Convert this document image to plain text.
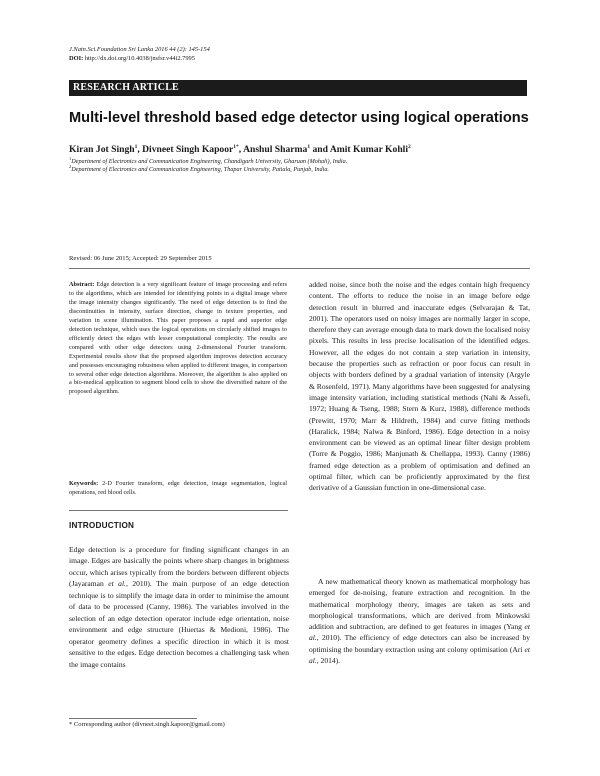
J.Natn.Sci.Foundation Sri Lanka 2016 44 (2): 145-154
DOI: http://dx.doi.org/10.4038/jnsfsr.v44i2.7995
RESEARCH ARTICLE
Multi-level threshold based edge detector using logical operations
Kiran Jot Singh$^1$, Divneet Singh Kapoor$^{1*}$, Anshul Sharma$^1$ and Amit Kumar Kohli$^2$
$^1$Department of Electronics and Communication Engineering, Chandigarh University, Gharuan (Mohali), India.
$^2$Department of Electronics and Communication Engineering, Thapar University, Patiala, Punjab, India.
Revised: 06 June 2015; Accepted: 29 September 2015
Abstract: Edge detection is a very significant feature of image processing and refers to the algorithms, which are intended for identifying points in a digital image where the image intensity changes significantly. The need of edge detection is to find the discontinuities in intensity, surface direction, change in texture properties, and variation in scene illumination. This paper proposes a rapid and superior edge detection technique, which uses the logical operations on circularly shifted images to efficiently detect the edges with lesser computational complexity. The results are compared with other edge detectors using 2-dimensional Fourier transform. Experimental results show that the proposed algorithm improves detection accuracy and possesses encouraging robustness when applied to different images, in comparison to several other edge detection algorithms. Moreover, the algorithm is also applied on a bio-medical application to segment blood cells to show the diversified nature of the proposed algorithm.
Keywords: 2-D Fourier transform, edge detection, image segmentation, logical operations, red blood cells.
INTRODUCTION
Edge detection is a procedure for finding significant changes in an image. Edges are basically the points where sharp changes in brightness occur, which arises typically from the borders between different objects (Jayaraman et al., 2010). The main purpose of an edge detection technique is to simplify the image data in order to minimise the amount of data to be processed (Canny, 1986). The variables involved in the selection of an edge detection operator include edge orientation, noise environment and edge structure (Huertas & Medioni, 1986). The operator geometry defines a specific direction in which it is most sensitive to the edges. Edge detection becomes a challenging task when the image contains
added noise, since both the noise and the edges contain high frequency content. The efforts to reduce the noise in an image before edge detection result in blurred and inaccurate edges (Selvarajan & Tat, 2001). The operators used on noisy images are normally larger in scope, therefore they can average enough data to mark down the localised noisy pixels. This results in less precise localisation of the identified edges. However, all the edges do not contain a step variation in intensity, because the properties such as refraction or poor focus can result in objects with borders defined by a gradual variation of intensity (Argyle & Rosenfeld, 1971). Many algorithms have been suggested for analysing image intensity variation, including statistical methods (Nahi & Assefi, 1972; Huang & Tseng, 1988; Stern & Kurz, 1988), difference methods (Prewitt, 1970; Marr & Hildreth, 1984) and curve fitting methods (Haralick, 1984; Nalwa & Binford, 1986). Edge detection in a noisy environment can be viewed as an optimal linear filter design problem (Torre & Poggio, 1986; Manjunath & Chellappa, 1993). Canny (1986) framed edge detection as a problem of optimisation and defined an optimal filter, which can be proficiently approximated by the first derivative of a Gaussian function in one-dimensional case.
A new mathematical theory known as mathematical morphology has emerged for de-noising, feature extraction and recognition. In the mathematical morphology theory, images are taken as sets and morphological transformations, which are derived from Minkowski addition and subtraction, are defined to get features in images (Yang et al., 2010). The efficiency of edge detectors can also be increased by optimising the boundary extraction using ant colony optimisation (Ari et al., 2014).
* Corresponding author (divneet.singh.kapoor@gmail.com)
